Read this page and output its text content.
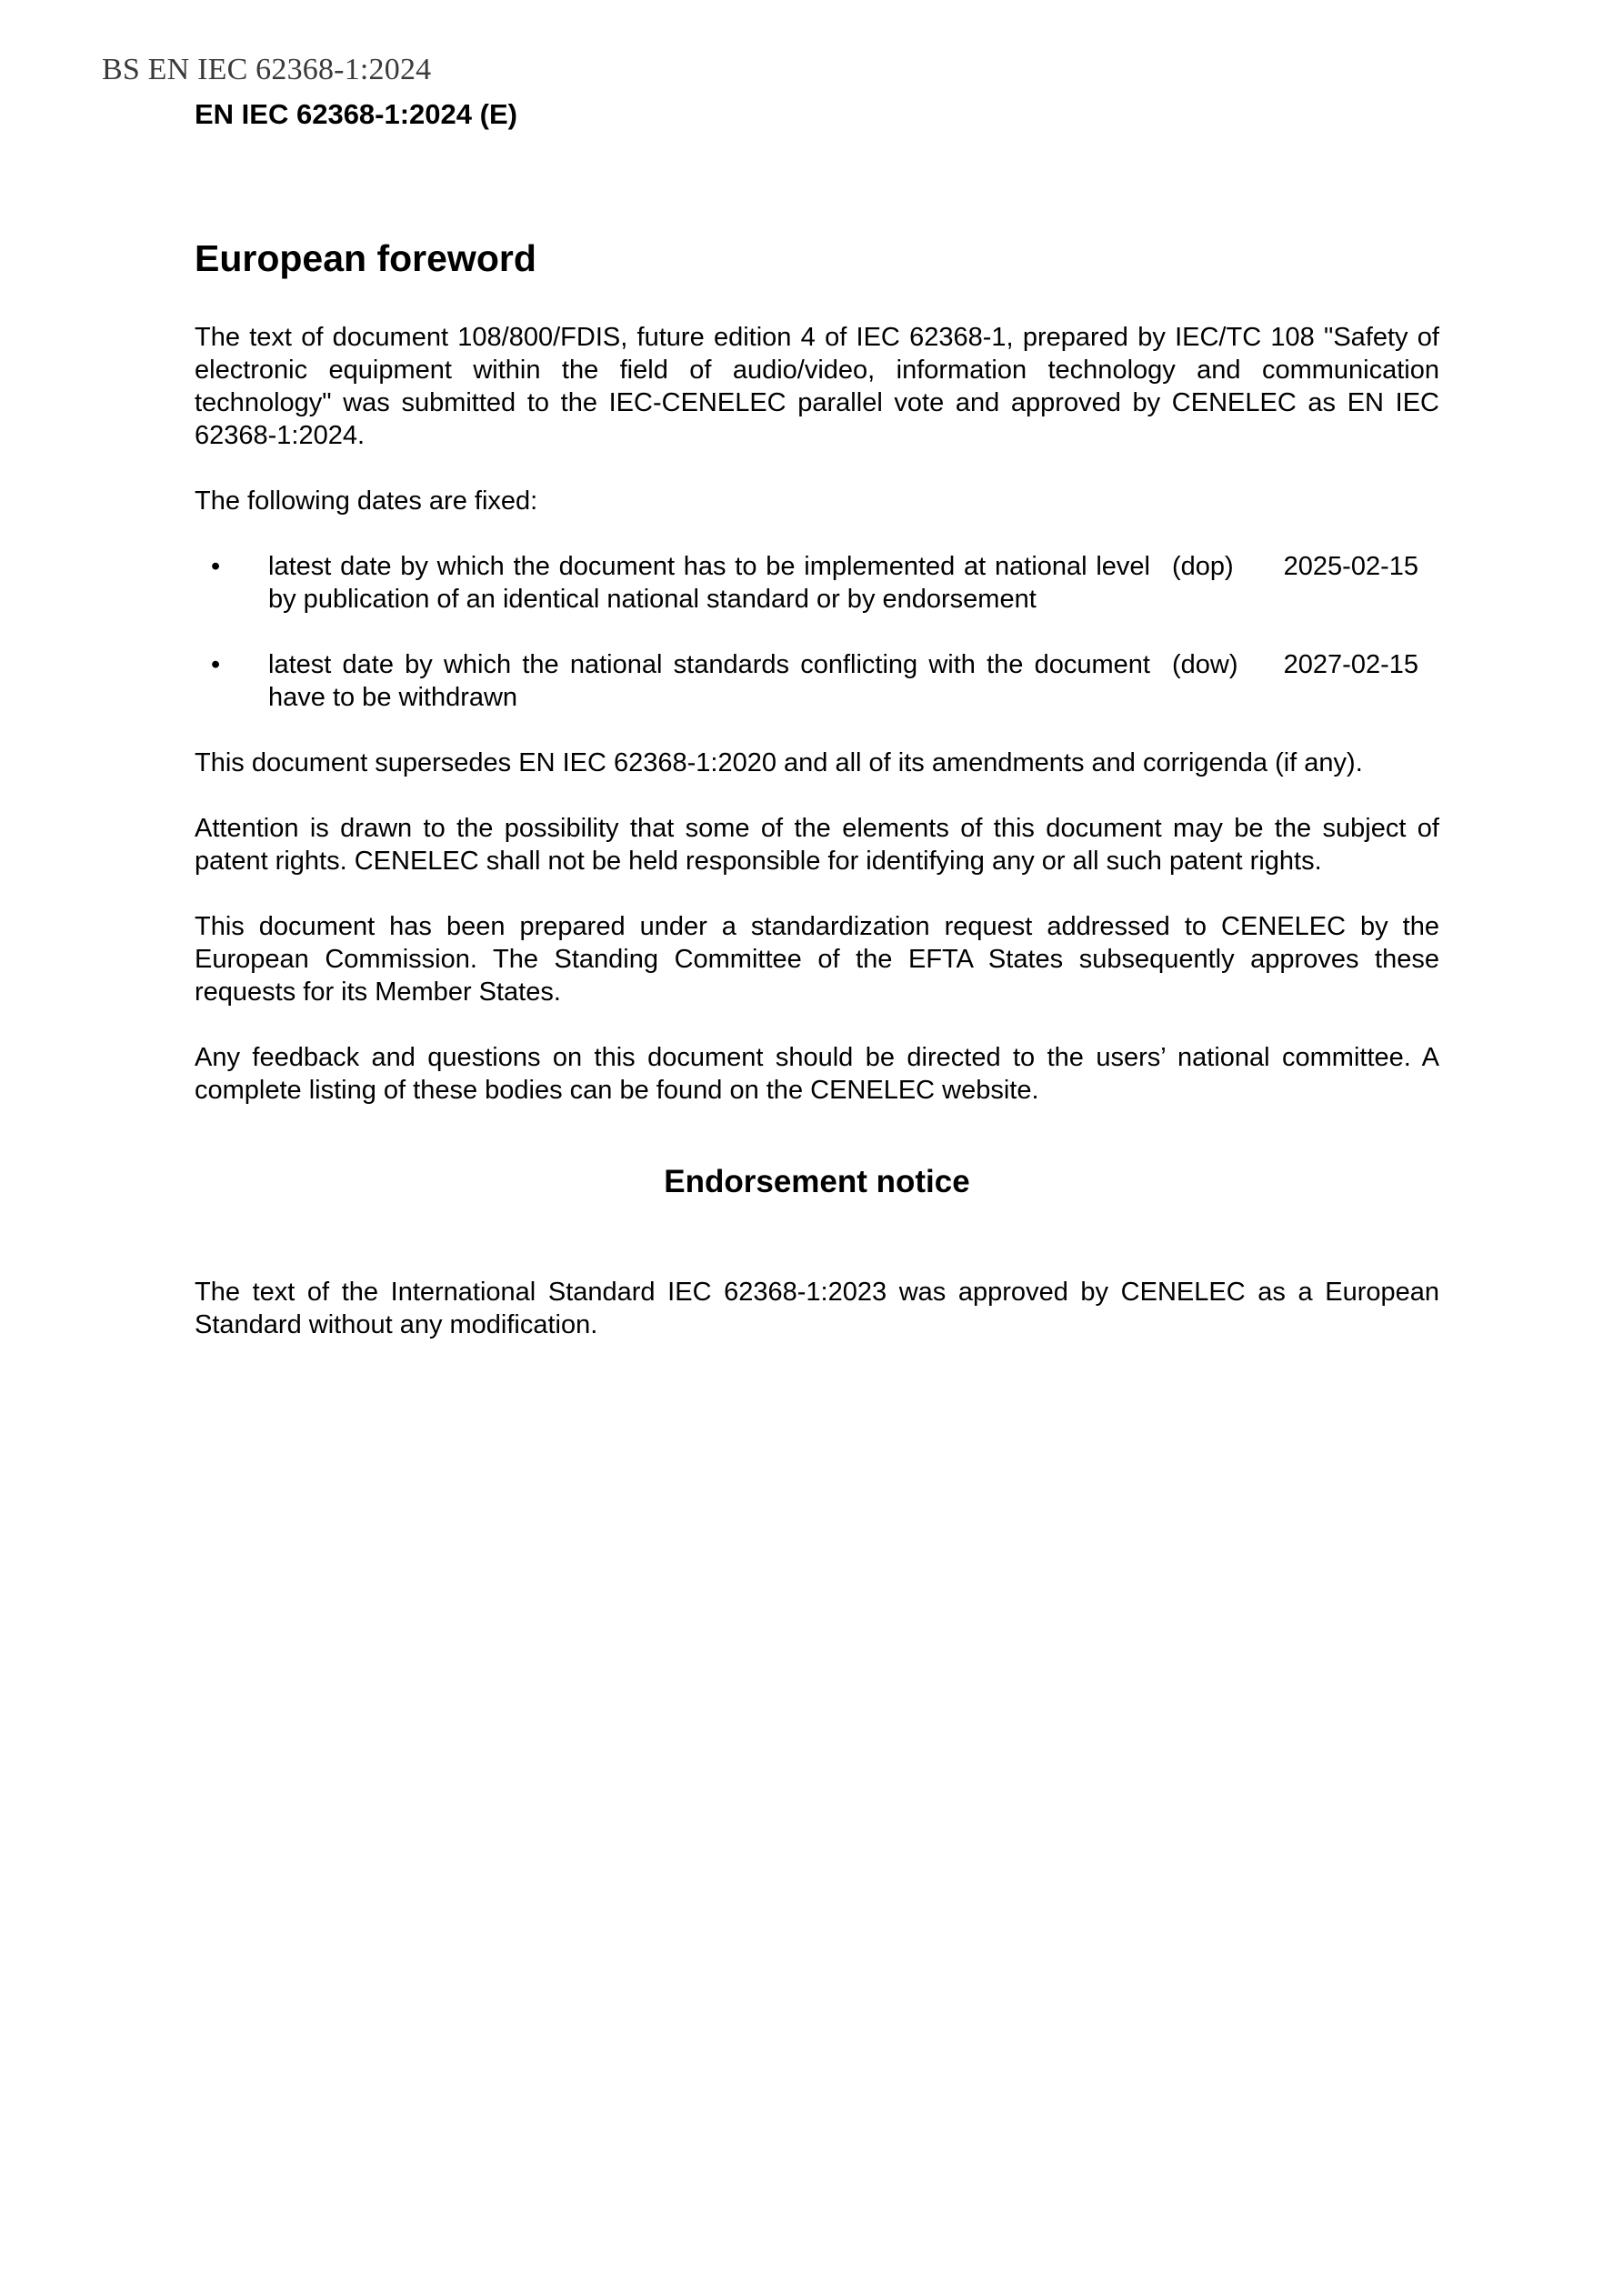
BS EN IEC 62368-1:2024
EN IEC 62368-1:2024 (E)
European foreword

The text of document 108/800/FDIS, future edition 4 of IEC 62368-1, prepared by IEC/TC 108 "Safety of electronic equipment within the field of audio/video, information technology and communication technology" was submitted to the IEC-CENELEC parallel vote and approved by CENELEC as EN IEC 62368-1:2024.

The following dates are fixed:

• latest date by which the document has to be implemented at national level by publication of an identical national standard or by endorsement
(dop)	2025-02-15
• latest date by which the national standards conflicting with the document have to be withdrawn
(dow)	2027-02-15

This document supersedes EN IEC 62368-1:2020 and all of its amendments and corrigenda (if any).

Attention is drawn to the possibility that some of the elements of this document may be the subject of patent rights. CENELEC shall not be held responsible for identifying any or all such patent rights.

This document has been prepared under a standardization request addressed to CENELEC by the European Commission. The Standing Committee of the EFTA States subsequently approves these requests for its Member States.

Any feedback and questions on this document should be directed to the users’ national committee. A complete listing of these bodies can be found on the CENELEC website.

Endorsement notice

The text of the International Standard IEC 62368-1:2023 was approved by CENELEC as a European Standard without any modification.
